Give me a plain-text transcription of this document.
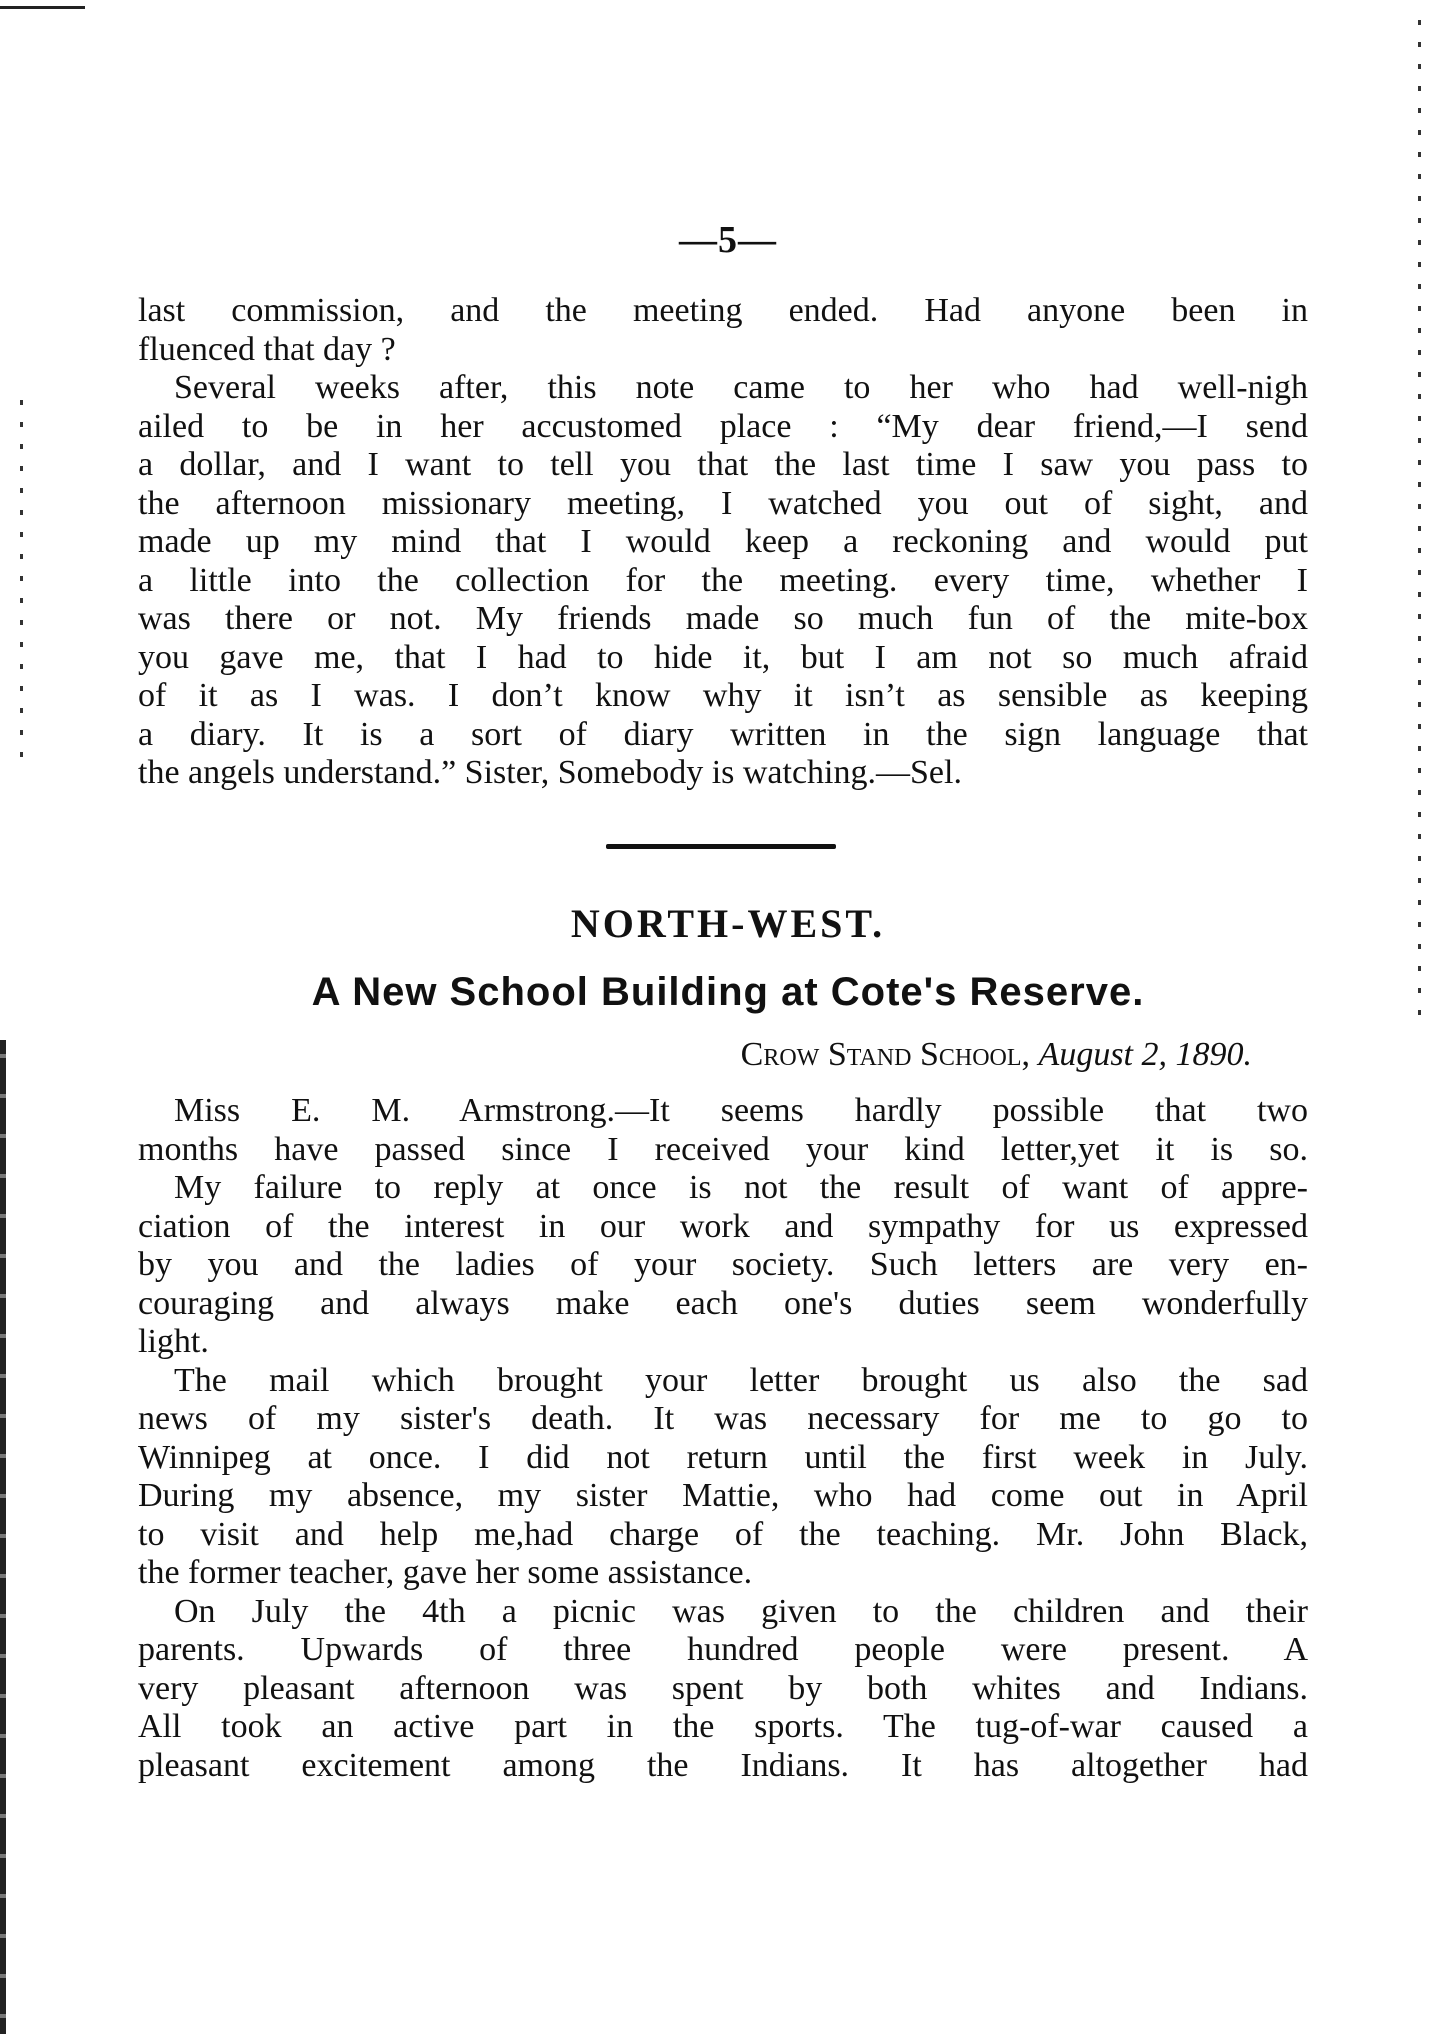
—5—
last commission, and the meeting ended. Had anyone been in
fluenced that day ?
Several weeks after, this note came to her who had well-nigh
ailed to be in her accustomed place : “My dear friend,—I send
a dollar, and I want to tell you that the last time I saw you pass to
the afternoon missionary meeting, I watched you out of sight, and
made up my mind that I would keep a reckoning and would put
a little into the collection for the meeting. every time, whether I
was there or not. My friends made so much fun of the mite-box
you gave me, that I had to hide it, but I am not so much afraid
of it as I was. I don’t know why it isn’t as sensible as keeping
a diary. It is a sort of diary written in the sign language that
the angels understand.” Sister, Somebody is watching.—Sel.
NORTH-WEST.
A New School Building at Cote's Reserve.
Crow Stand School, August 2, 1890.
Miss E. M. Armstrong.—It seems hardly possible that two
months have passed since I received your kind letter,yet it is so.
My failure to reply at once is not the result of want of appre-
ciation of the interest in our work and sympathy for us expressed
by you and the ladies of your society. Such letters are very en-
couraging and always make each one's duties seem wonderfully
light.
The mail which brought your letter brought us also the sad
news of my sister's death. It was necessary for me to go to
Winnipeg at once. I did not return until the first week in July.
During my absence, my sister Mattie, who had come out in April
to visit and help me,had charge of the teaching. Mr. John Black,
the former teacher, gave her some assistance.
On July the 4th a picnic was given to the children and their
parents. Upwards of three hundred people were present. A
very pleasant afternoon was spent by both whites and Indians.
All took an active part in the sports. The tug-of-war caused a
pleasant excitement among the Indians. It has altogether had
